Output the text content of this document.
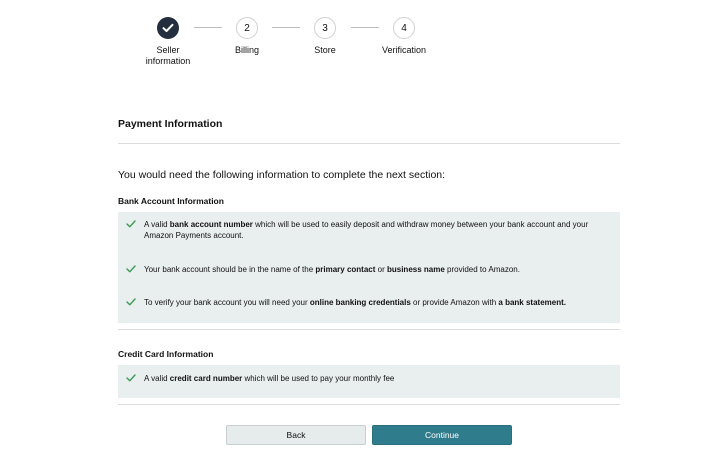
Seller
information
2
Billing
3
Store
4
Verification
Payment Information
You would need the following information to complete the next section:
Bank Account Information
A valid bank account number which will be used to easily deposit and withdraw money between your bank account and your Amazon Payments account.
Your bank account should be in the name of the primary contact or business name provided to Amazon.
To verify your bank account you will need your online banking credentials or provide Amazon with a bank statement.
Credit Card Information
A valid credit card number which will be used to pay your monthly fee
Back	Continue
